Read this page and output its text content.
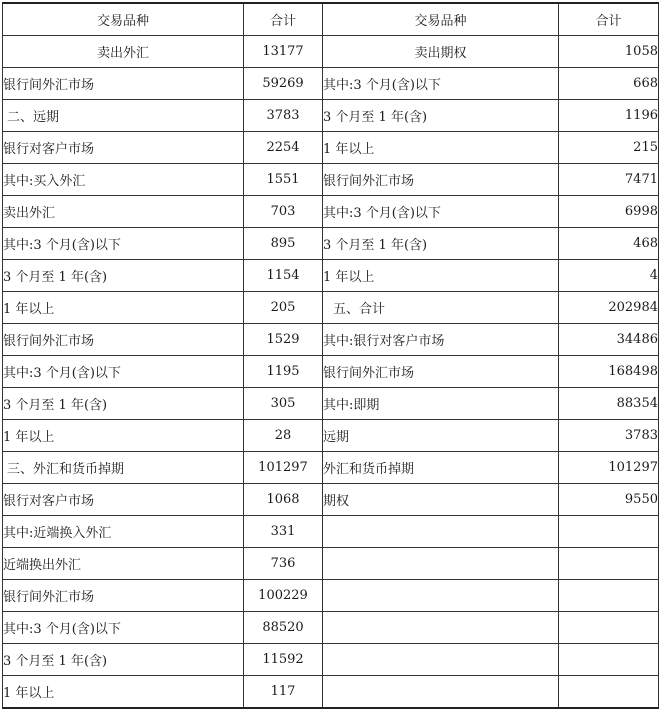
交易品种	合计	交易品种	合计
卖出外汇	13177	卖出期权	1058
银行间外汇市场	59269	其中:3 个月(含)以下	668
二、远期	3783	3 个月至 1 年(含)	1196
银行对客户市场	2254	1 年以上	215
其中:买入外汇	1551	银行间外汇市场	7471
卖出外汇	703	其中:3 个月(含)以下	6998
其中:3 个月(含)以下	895	3 个月至 1 年(含)	468
3 个月至 1 年(含)	1154	1 年以上	4
1 年以上	205	五、合计	202984
银行间外汇市场	1529	其中:银行对客户市场	34486
其中:3 个月(含)以下	1195	银行间外汇市场	168498
3 个月至 1 年(含)	305	其中:即期	88354
1 年以上	28	远期	3783
三、外汇和货币掉期	101297	外汇和货币掉期	101297
银行对客户市场	1068	期权	9550
其中:近端换入外汇	331		
近端换出外汇	736		
银行间外汇市场	100229		
其中:3 个月(含)以下	88520		
3 个月至 1 年(含)	11592		
1 年以上	117		
